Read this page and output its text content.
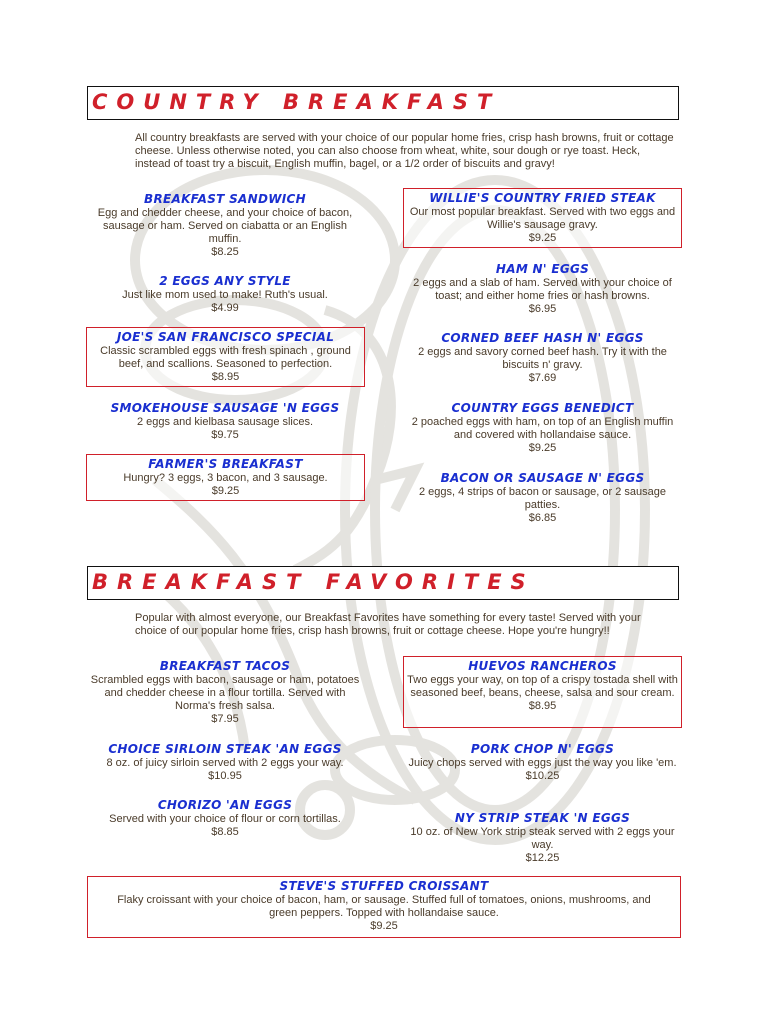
COUNTRY BREAKFAST
All country breakfasts are served with your choice of our popular home fries, crisp hash browns, fruit or cottage cheese. Unless otherwise noted, you can also choose from wheat, white, sour dough or rye toast. Heck, instead of toast try a biscuit, English muffin, bagel, or a 1/2 order of biscuits and gravy!
BREAKFAST SANDWICH
Egg and chedder cheese, and your choice of bacon, sausage or ham. Served on ciabatta or an English muffin.
$8.25
WILLIE'S COUNTRY FRIED STEAK
Our most popular breakfast. Served with two eggs and Willie's sausage gravy.
$9.25
2 EGGS ANY STYLE
Just like mom used to make! Ruth's usual.
$4.99
HAM N' EGGS
2 eggs and a slab of ham. Served with your choice of toast; and either home fries or hash browns.
$6.95
JOE'S SAN FRANCISCO SPECIAL
Classic scrambled eggs with fresh spinach , ground beef, and scallions. Seasoned to perfection.
$8.95
CORNED BEEF HASH N' EGGS
2 eggs and savory corned beef hash. Try it with the biscuits n' gravy.
$7.69
SMOKEHOUSE SAUSAGE 'N EGGS
2 eggs and kielbasa sausage slices.
$9.75
COUNTRY EGGS BENEDICT
2 poached eggs with ham, on top of an English muffin and covered with hollandaise sauce.
$9.25
FARMER'S BREAKFAST
Hungry? 3 eggs, 3 bacon, and 3 sausage.
$9.25
BACON OR SAUSAGE N' EGGS
2 eggs, 4 strips of bacon or sausage, or 2 sausage patties.
$6.85
BREAKFAST FAVORITES
Popular with almost everyone, our Breakfast Favorites have something for every taste! Served with your choice of our popular home fries, crisp hash browns, fruit or cottage cheese. Hope you're hungry!!
BREAKFAST TACOS
Scrambled eggs with bacon, sausage or ham, potatoes and chedder cheese in a flour tortilla. Served with Norma's fresh salsa.
$7.95
HUEVOS RANCHEROS
Two eggs your way, on top of a crispy tostada shell with seasoned beef, beans, cheese, salsa and sour cream.
$8.95
CHOICE SIRLOIN STEAK 'AN EGGS
8 oz. of juicy sirloin served with 2 eggs your way.
$10.95
PORK CHOP N' EGGS
Juicy chops served with eggs just the way you like 'em.
$10.25
CHORIZO 'AN EGGS
Served with your choice of flour or corn tortillas.
$8.85
NY STRIP STEAK 'N EGGS
10 oz. of New York strip steak served with 2 eggs your way.
$12.25
STEVE'S STUFFED CROISSANT
Flaky croissant with your choice of bacon, ham, or sausage. Stuffed full of tomatoes, onions, mushrooms, and green peppers. Topped with hollandaise sauce.
$9.25
